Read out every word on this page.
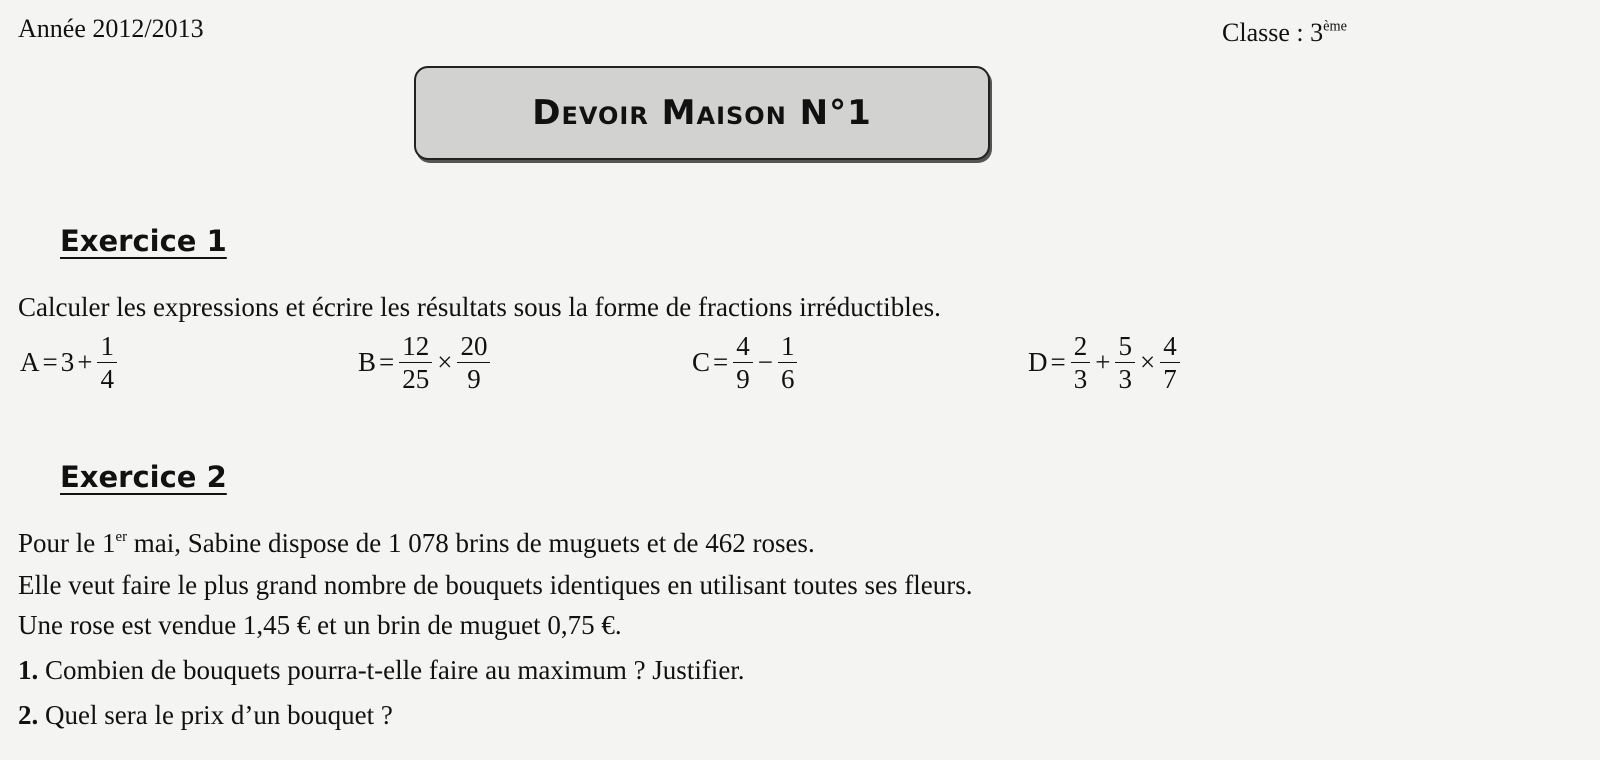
Année 2012/2013	Classe : 3ème
Devoir Maison N°1
Exercice 1
Calculer les expressions et écrire les résultats sous la forme de fractions irréductibles.
$A = 3 + \frac{1}{4}$	$B = \frac{12}{25} \times \frac{20}{9}$	$C = \frac{4}{9} - \frac{1}{6}$	$D = \frac{2}{3} + \frac{5}{3} \times \frac{4}{7}$
Exercice 2
Pour le 1er mai, Sabine dispose de 1 078 brins de muguets et de 462 roses.
Elle veut faire le plus grand nombre de bouquets identiques en utilisant toutes ses fleurs.
Une rose est vendue 1,45 € et un brin de muguet 0,75 €.
1. Combien de bouquets pourra-t-elle faire au maximum ? Justifier.
2. Quel sera le prix d’un bouquet ?
